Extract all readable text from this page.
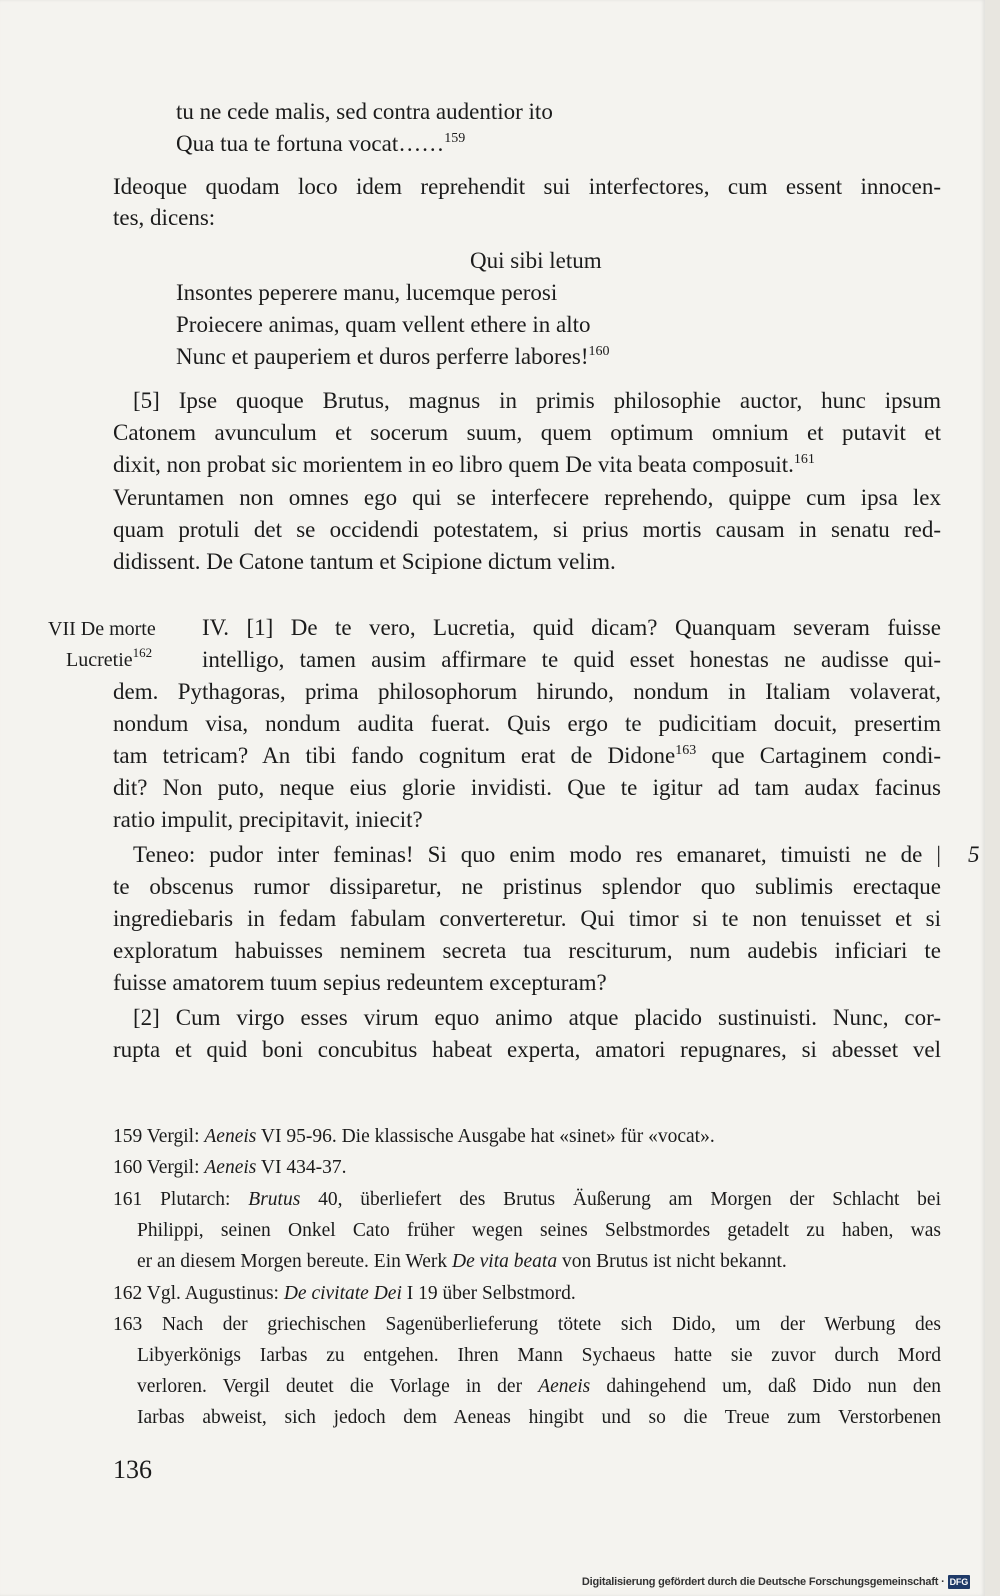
tu ne cede malis, sed contra audentior ito
Qua tua te fortuna vocat……$^{159}$
Ideoque quodam loco idem reprehendit sui interfectores, cum essent innocen-
tes, dicens:
Qui sibi letum
Insontes peperere manu, lucemque perosi
Proiecere animas, quam vellent ethere in alto
Nunc et pauperiem et duros perferre labores!$^{160}$
[5] Ipse quoque Brutus, magnus in primis philosophie auctor, hunc ipsum
Catonem avunculum et socerum suum, quem optimum omnium et putavit et
dixit, non probat sic morientem in eo libro quem De vita beata composuit.$^{161}$
Veruntamen non omnes ego qui se interfecere reprehendo, quippe cum ipsa lex
quam protuli det se occidendi potestatem, si prius mortis causam in senatu red-
didissent. De Catone tantum et Scipione dictum velim.
VII De morte
Lucretie$^{162}$
IV. [1] De te vero, Lucretia, quid dicam? Quanquam severam fuisse
intelligo, tamen ausim affirmare te quid esset honestas ne audisse qui-
dem. Pythagoras, prima philosophorum hirundo, nondum in Italiam volaverat,
nondum visa, nondum audita fuerat. Quis ergo te pudicitiam docuit, presertim
tam tetricam? An tibi fando cognitum erat de Didone$^{163}$ que Cartaginem condi-
dit? Non puto, neque eius glorie invidisti. Que te igitur ad tam audax facinus
ratio impulit, precipitavit, iniecit?
Teneo: pudor inter feminas! Si quo enim modo res emanaret, timuisti ne de | 5
te obscenus rumor dissiparetur, ne pristinus splendor quo sublimis erectaque
ingrediebaris in fedam fabulam converteretur. Qui timor si te non tenuisset et si
exploratum habuisses neminem secreta tua resciturum, num audebis inficiari te
fuisse amatorem tuum sepius redeuntem excepturam?
[2] Cum virgo esses virum equo animo atque placido sustinuisti. Nunc, cor-
rupta et quid boni concubitus habeat experta, amatori repugnares, si abesset vel
159 Vergil: Aeneis VI 95-96. Die klassische Ausgabe hat «sinet» für «vocat».
160 Vergil: Aeneis VI 434-37.
161 Plutarch: Brutus 40, überliefert des Brutus Äußerung am Morgen der Schlacht bei
Philippi, seinen Onkel Cato früher wegen seines Selbstmordes getadelt zu haben, was
er an diesem Morgen bereute. Ein Werk De vita beata von Brutus ist nicht bekannt.
162 Vgl. Augustinus: De civitate Dei I 19 über Selbstmord.
163 Nach der griechischen Sagenüberlieferung tötete sich Dido, um der Werbung des
Libyerkönigs Iarbas zu entgehen. Ihren Mann Sychaeus hatte sie zuvor durch Mord
verloren. Vergil deutet die Vorlage in der Aeneis dahingehend um, daß Dido nun den
Iarbas abweist, sich jedoch dem Aeneas hingibt und so die Treue zum Verstorbenen
136
Digitalisierung gefördert durch die Deutsche Forschungsgemeinschaft · DFG
